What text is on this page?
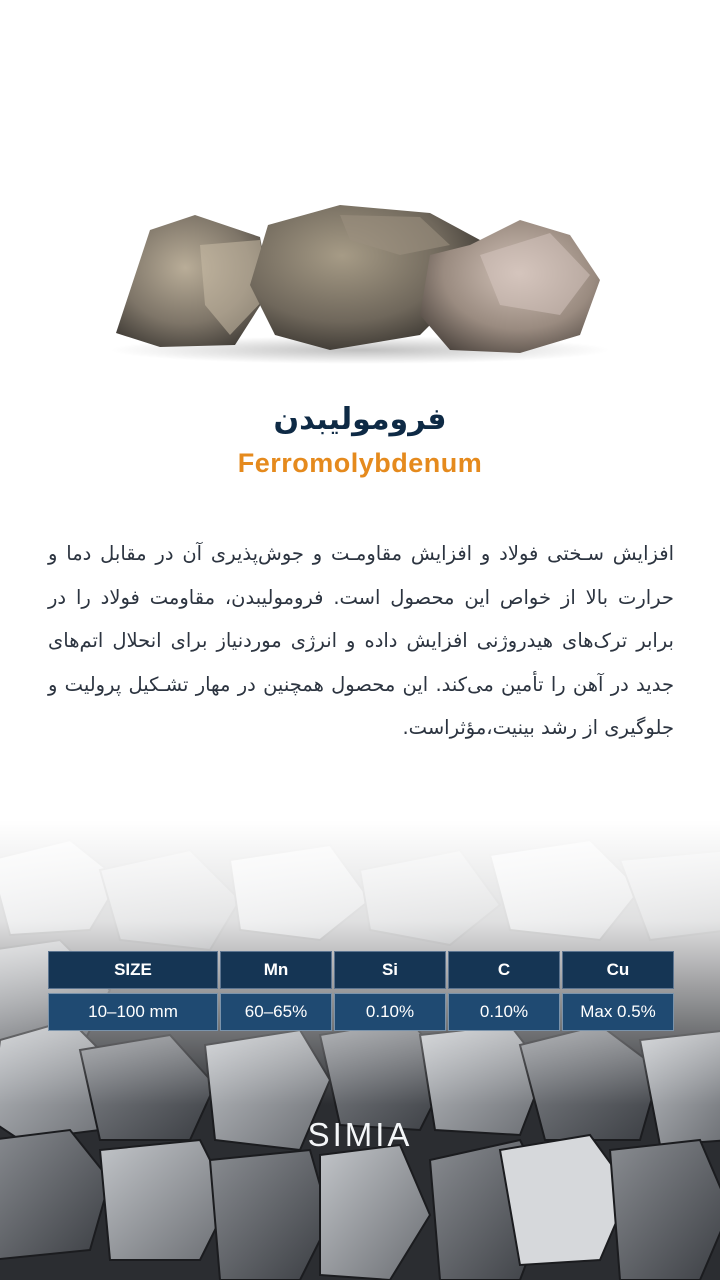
فرومولیبدن
Ferromolybdenum
افزایش سـختی فولاد و افزایش مقاومـت و جوش‌پذیری آن در مقابل دما و حرارت بالا از خواص این محصول است. فرومولیبدن، مقاومت فولاد را در برابر ترک‌های هیدروژنی افزایش داده و انرژی موردنیاز برای انحلال اتم‌های جدید در آهن را تأمین می‌کند. این محصول همچنین در مهار تشـکیل پرولیت و جلوگیری از رشد بینیت،مؤثراست.
SIZE	Mn	Si	C	Cu

10–100 mm	60–65%	0.10%	0.10%	Max 0.5%
SIMIA
